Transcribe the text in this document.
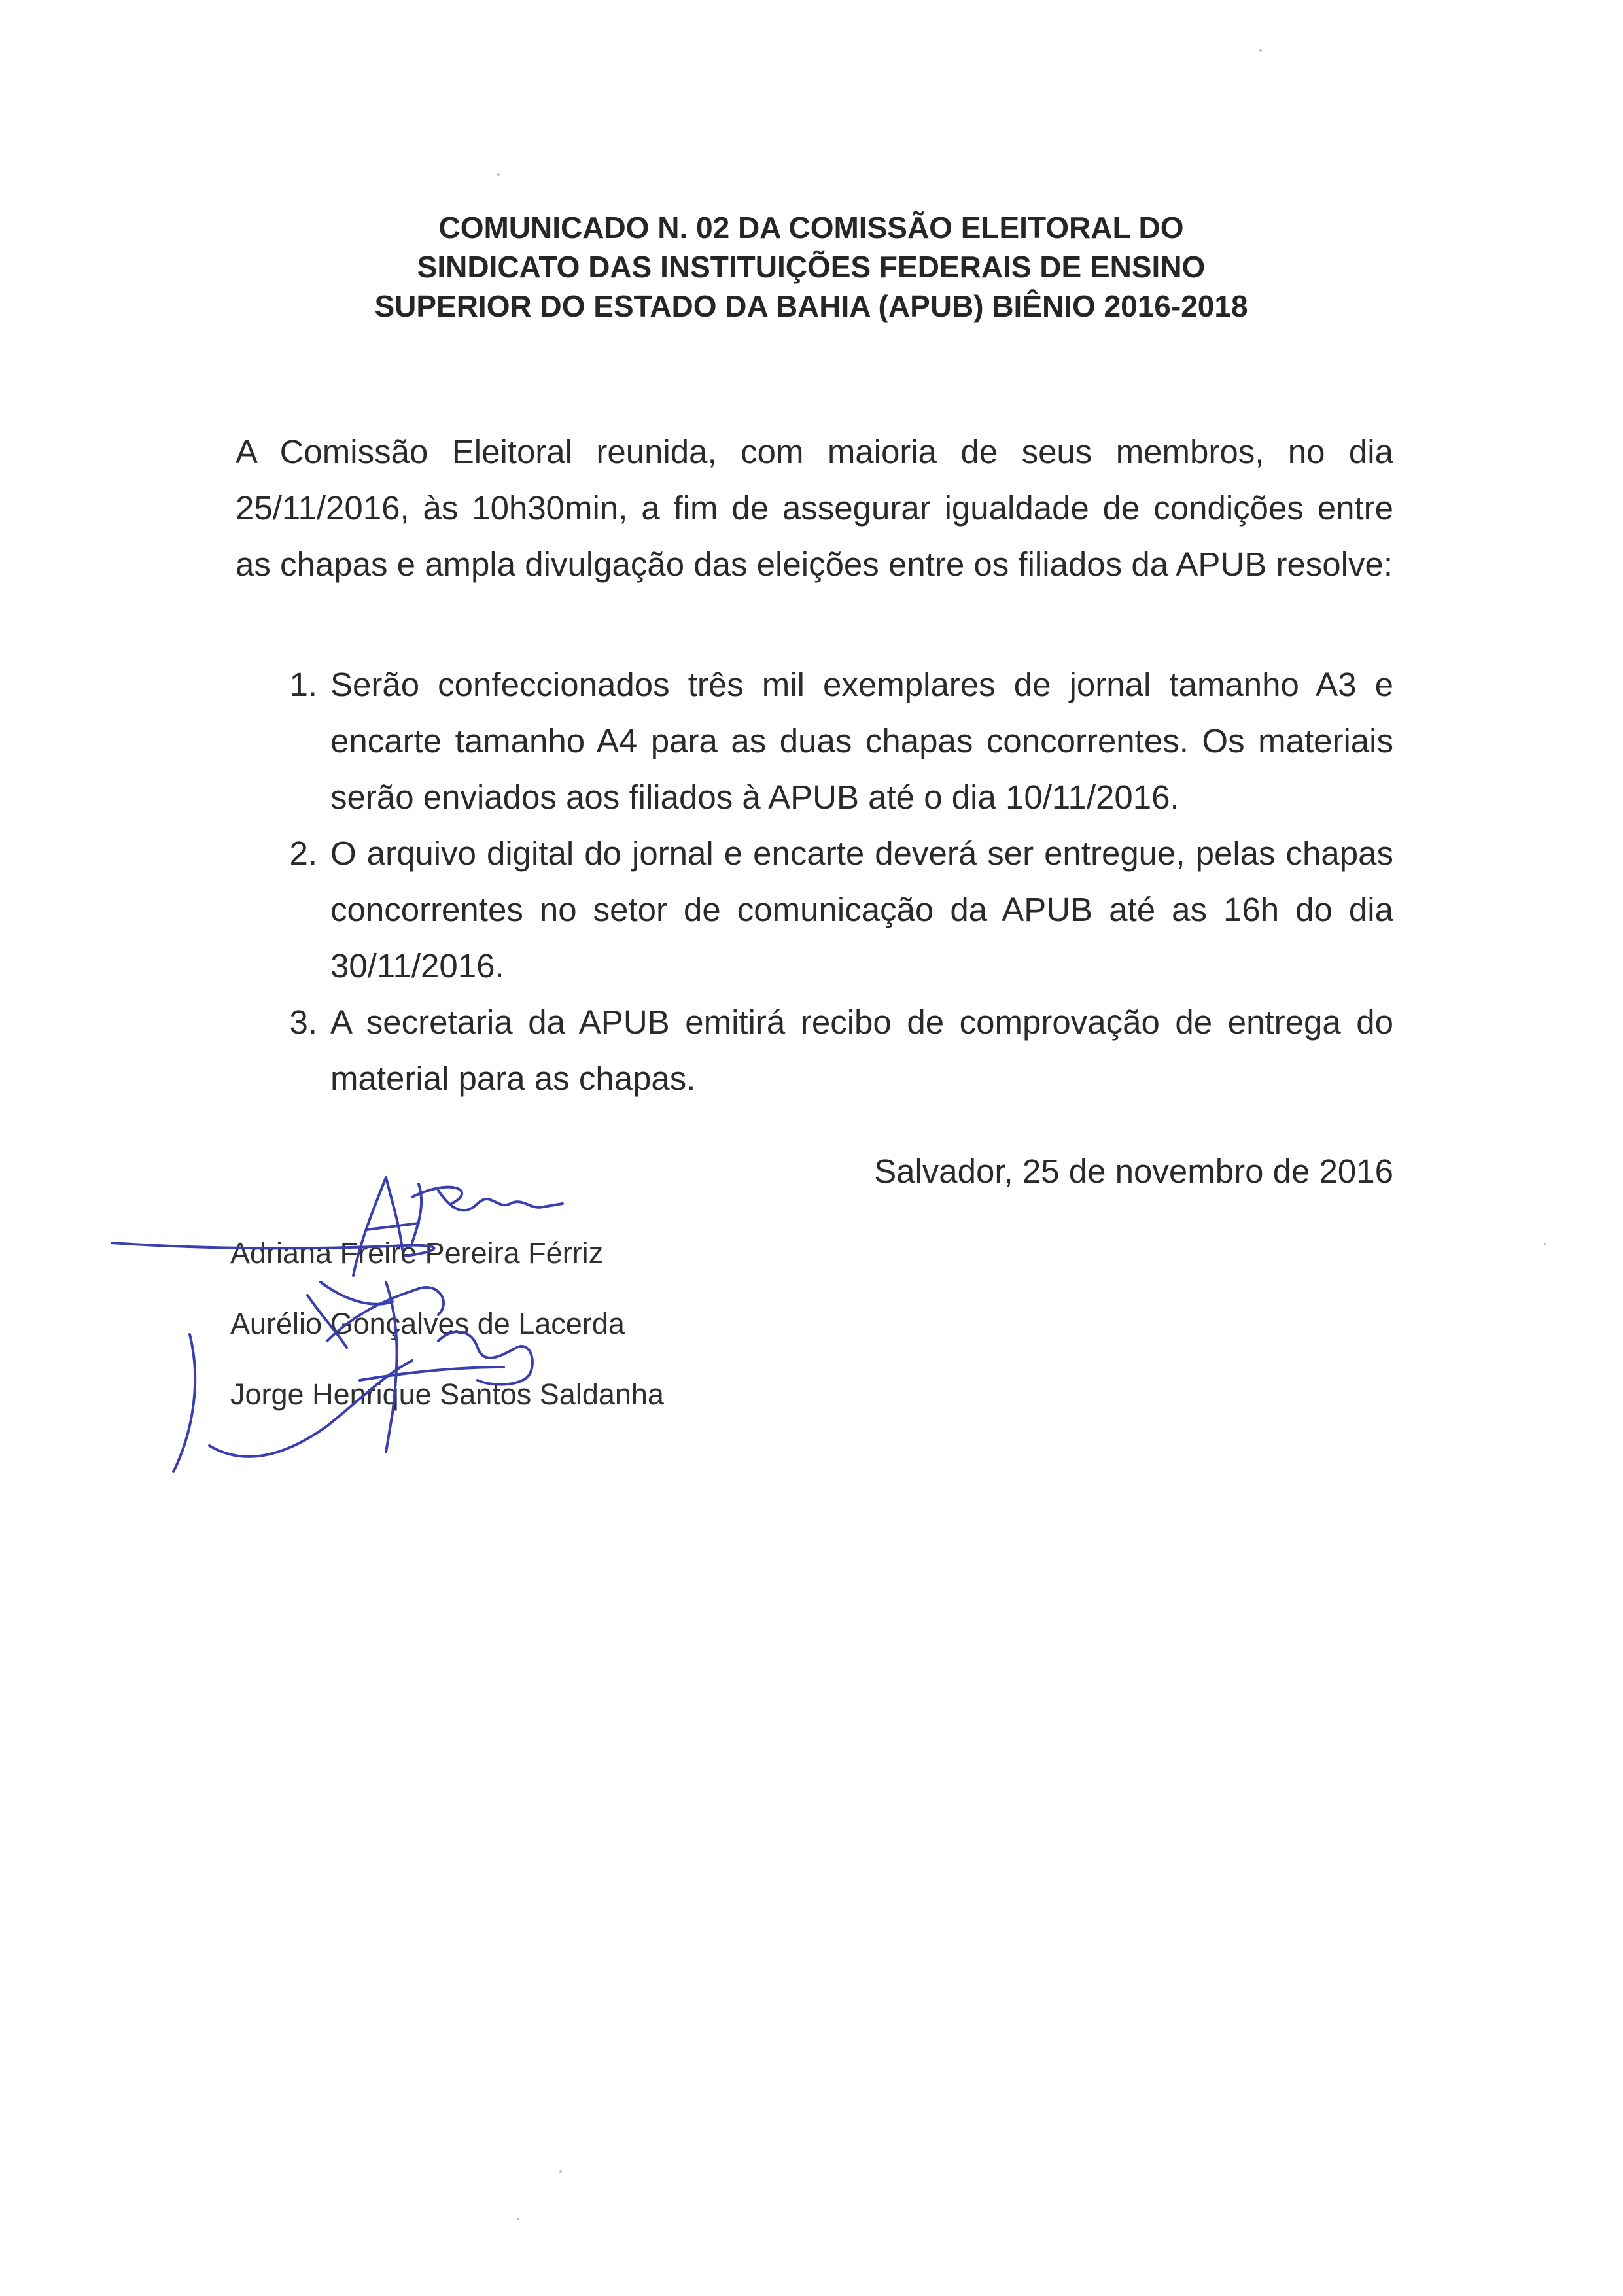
COMUNICADO N. 02 DA COMISSÃO ELEITORAL DO
SINDICATO DAS INSTITUIÇÕES FEDERAIS DE ENSINO
SUPERIOR DO ESTADO DA BAHIA (APUB) BIÊNIO 2016-2018

A Comissão Eleitoral reunida, com maioria de seus membros, no dia 25/11/2016, às 10h30min, a fim de assegurar igualdade de condições entre as chapas e ampla divulgação das eleições entre os filiados da APUB resolve:

1. Serão confeccionados três mil exemplares de jornal tamanho A3 e encarte tamanho A4 para as duas chapas concorrentes. Os materiais serão enviados aos filiados à APUB até o dia 10/11/2016.
2. O arquivo digital do jornal e encarte deverá ser entregue, pelas chapas concorrentes no setor de comunicação da APUB até as 16h do dia 30/11/2016.
3. A secretaria da APUB emitirá recibo de comprovação de entrega do material para as chapas.

Salvador, 25 de novembro de 2016

Adriana Freire Pereira Férriz
Aurélio Gonçalves de Lacerda
Jorge Henrique Santos Saldanha
